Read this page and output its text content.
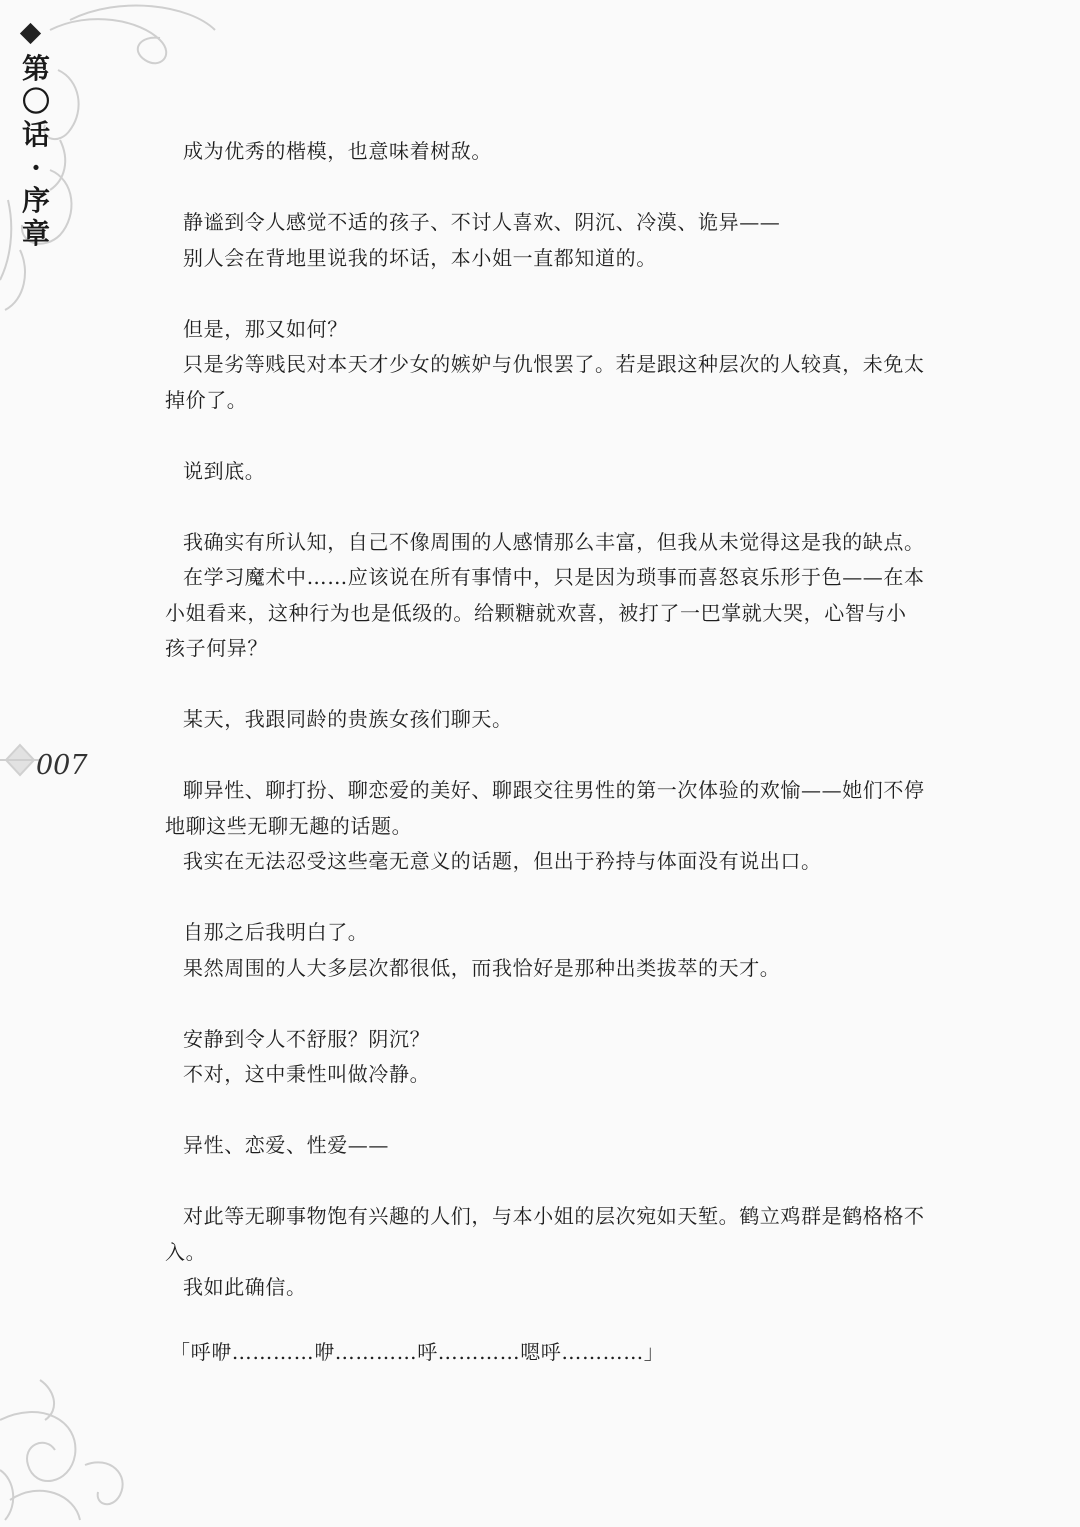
第
〇
话
·
序
章
007

成为优秀的楷模，也意味着树敌。

静谧到令人感觉不适的孩子、不讨人喜欢、阴沉、冷漠、诡异——

别人会在背地里说我的坏话，本小姐一直都知道的。

但是，那又如何？

只是劣等贱民对本天才少女的嫉妒与仇恨罢了。若是跟这种层次的人较真，未免太掉价了。

说到底。

我确实有所认知，自己不像周围的人感情那么丰富，但我从未觉得这是我的缺点。

在学习魔术中……应该说在所有事情中，只是因为琐事而喜怒哀乐形于色——在本小姐看来，这种行为也是低级的。给颗糖就欢喜，被打了一巴掌就大哭，心智与小孩子何异？

某天，我跟同龄的贵族女孩们聊天。

聊异性、聊打扮、聊恋爱的美好、聊跟交往男性的第一次体验的欢愉——她们不停地聊这些无聊无趣的话题。

我实在无法忍受这些毫无意义的话题，但出于矜持与体面没有说出口。

自那之后我明白了。

果然周围的人大多层次都很低，而我恰好是那种出类拔萃的天才。

安静到令人不舒服？阴沉？

不对，这中秉性叫做冷静。

异性、恋爱、性爱——

对此等无聊事物饱有兴趣的人们，与本小姐的层次宛如天堑。鹤立鸡群是鹤格格不入。

我如此确信。

「呼咿…………咿…………呼…………嗯呼…………」
